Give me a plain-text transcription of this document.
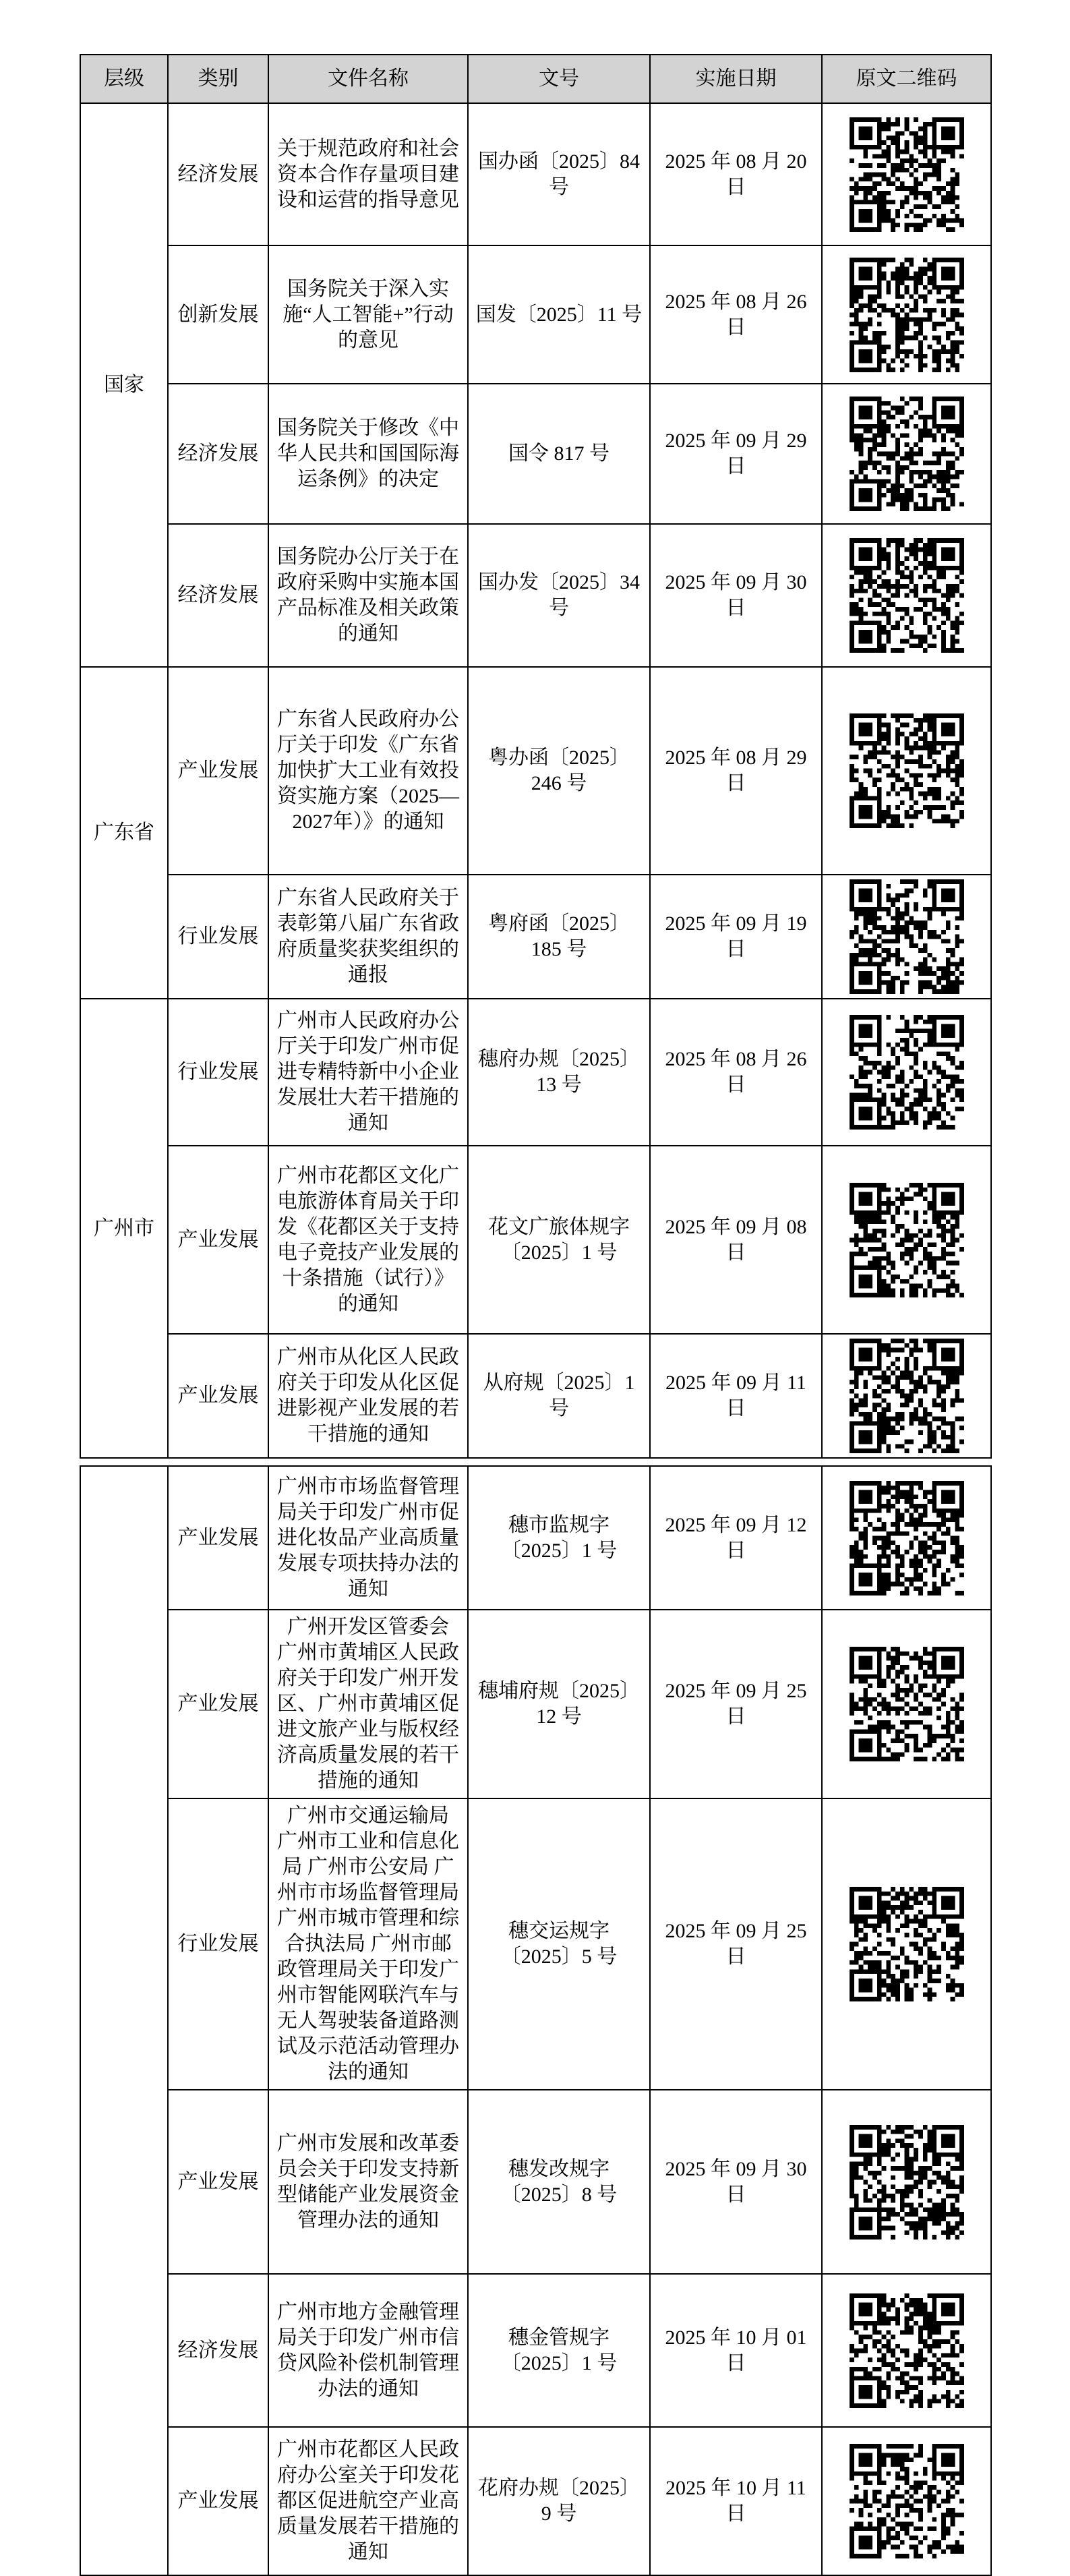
层级	类别	文件名称	文号	实施日期	原文二维码
国家	经济发展	关于规范政府和社会资本合作存量项目建设和运营的指导意见	国办函〔2025〕84 号	2025 年 08 月 20 日	

	创新发展	国务院关于深入实施“人工智能+”行动的意见	国发〔2025〕11 号	2025 年 08 月 26 日	

	经济发展	国务院关于修改《中华人民共和国国际海运条例》的决定	国令 817 号	2025 年 09 月 29 日	

	经济发展	国务院办公厅关于在政府采购中实施本国产品标准及相关政策的通知	国办发〔2025〕34 号	2025 年 09 月 30 日	

广东省	产业发展	广东省人民政府办公厅关于印发《广东省加快扩大工业有效投资实施方案（2025—2027年）》的通知	粤办函〔2025〕246 号	2025 年 08 月 29 日	

	行业发展	广东省人民政府关于表彰第八届广东省政府质量奖获奖组织的通报	粤府函〔2025〕185 号	2025 年 09 月 19 日	

广州市	行业发展	广州市人民政府办公厅关于印发广州市促进专精特新中小企业发展壮大若干措施的通知	穗府办规〔2025〕13 号	2025 年 08 月 26 日	

	产业发展	广州市花都区文化广电旅游体育局关于印发《花都区关于支持电子竞技产业发展的十条措施（试行）》的通知	花文广旅体规字〔2025〕1 号	2025 年 09 月 08 日	

	产业发展	广州市从化区人民政府关于印发从化区促进影视产业发展的若干措施的通知	从府规〔2025〕1 号	2025 年 09 月 11 日	
	产业发展	广州市市场监督管理局关于印发广州市促进化妆品产业高质量发展专项扶持办法的通知	穗市监规字〔2025〕1 号	2025 年 09 月 12 日	

	产业发展	广州开发区管委会 广州市黄埔区人民政府关于印发广州开发区、广州市黄埔区促进文旅产业与版权经济高质量发展的若干措施的通知	穗埔府规〔2025〕12 号	2025 年 09 月 25 日	

	行业发展	广州市交通运输局 广州市工业和信息化局 广州市公安局 广州市市场监督管理局 广州市城市管理和综合执法局 广州市邮政管理局关于印发广州市智能网联汽车与无人驾驶装备道路测试及示范活动管理办法的通知	穗交运规字〔2025〕5 号	2025 年 09 月 25 日	

	产业发展	广州市发展和改革委员会关于印发支持新型储能产业发展资金管理办法的通知	穗发改规字〔2025〕8 号	2025 年 09 月 30 日	

	经济发展	广州市地方金融管理局关于印发广州市信贷风险补偿机制管理办法的通知	穗金管规字〔2025〕1 号	2025 年 10 月 01 日	

	产业发展	广州市花都区人民政府办公室关于印发花都区促进航空产业高质量发展若干措施的通知	花府办规〔2025〕9 号	2025 年 10 月 11 日	
